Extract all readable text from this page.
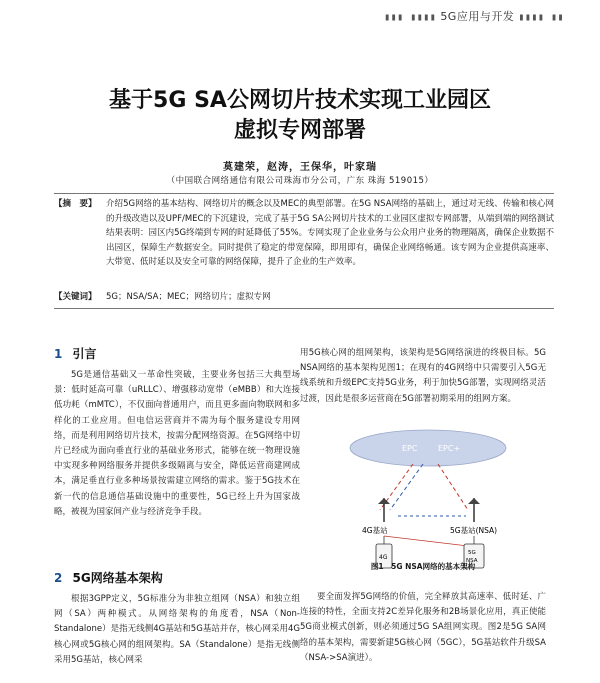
▮▮▮ ▮▮▮▮ 5G应用与开发 ▮▮▮▮ ▮▮
基于5G SA公网切片技术实现工业园区
虚拟专网部署
莫建荣，赵涛，王保华，叶家瑞
（中国联合网络通信有限公司珠海市分公司，广东 珠海 519015）
【摘　要】 介绍5G网络的基本结构、网络切片的概念以及MEC的典型部署。在5G NSA网络的基础上，通过对无线、传输和核心网的升级改造以及UPF/MEC的下沉建设，完成了基于5G SA公网切片技术的工业园区虚拟专网部署，从端到端的网络测试结果表明：园区内5G终端到专网的时延降低了55%。专网实现了企业业务与公众用户业务的物理隔离，确保企业数据不出园区，保障生产数据安全。同时提供了稳定的带宽保障，即用即有，确保企业网络畅通。该专网为企业提供高速率、大带宽、低时延以及安全可靠的网络保障，提升了企业的生产效率。
【关键词】 5G；NSA/SA；MEC；网络切片；虚拟专网
1 引言

5G是通信基础又一革命性突破，主要业务包括三大典型场景：低时延高可靠（uRLLC）、增强移动宽带（eMBB）和大连接低功耗（mMTC），不仅面向普通用户，而且更多面向物联网和多样化的工业应用。但电信运营商并不需为每个服务建设专用网络，而是利用网络切片技术，按需分配网络资源。在5G网络中切片已经成为面向垂直行业的基础业务形式，能够在统一物理设施中实现多种网络服务并提供多级隔离与安全，降低运营商建网成本，满足垂直行业多种场景按需建立网络的需求。鉴于5G技术在新一代的信息通信基础设施中的重要性，5G已经上升为国家战略，被视为国家间产业与经济竞争手段。

2 5G网络基本架构

根据3GPP定义，5G标准分为非独立组网（NSA）和独立组网（SA）两种模式。从网络架构的角度看，NSA（Non-Standalone）是指无线侧4G基站和5G基站并存，核心网采用4G核心网或5G核心网的组网架构。SA（Standalone）是指无线侧采用5G基站，核心网采

用5G核心网的组网架构，该架构是5G网络演进的终极目标。5G NSA网络的基本架构见图1；在现有的4G网络中只需要引入5G无线系统和升级EPC支持5G业务，利于加快5G部署，实现网络灵活过渡，因此是很多运营商在5G部署初期采用的组网方案。

EPC	EPC+
4G基站	5G基站(NSA)
4G
5G
NSA
图1　5G NSA网络的基本架构

要全面发挥5G网络的价值，完全释放其高速率、低时延、广连接的特性，全面支持2C差异化服务和2B场景化应用，真正使能5G商业模式创新，则必须通过5G SA组网实现。图2是5G SA网络的基本架构，需要新建5G核心网（5GC），5G基站软件升级SA（NSA->SA演进）。
